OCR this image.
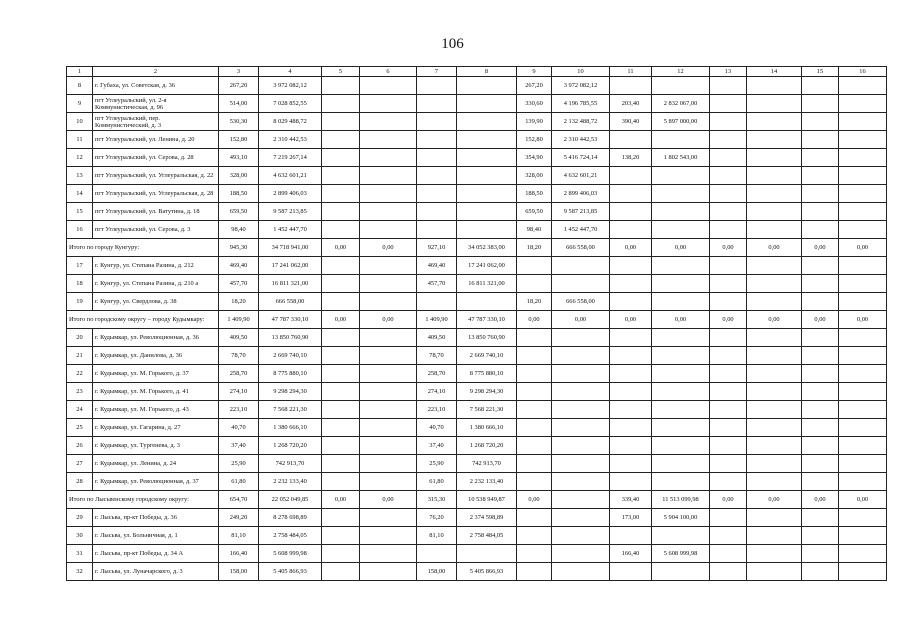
106
1	2	3	4	5	6	7	8	9	10	11	12	13	14	15	16
8	г. Губаха, ул. Советская, д. 36	267,20	3 972 082,12					267,20	3 972 082,12						
9	пгт Углеуральский, ул. 2-я Коммунистическая, д. 96	514,00	7 028 852,55					330,60	4 196 785,55	203,40	2 832 067,00				
10	пгт Углеуральский, пер. Коммунистический, д. 3	530,30	8 029 488,72					139,90	2 132 488,72	390,40	5 897 000,00				
11	пгт Углеуральский, ул. Ленина, д. 20	152,80	2 310 442,53					152,80	2 310 442,53						
12	пгт Углеуральский, ул. Серова, д. 28	493,10	7 219 267,14					354,90	5 416 724,14	138,20	1 802 543,00				
13	пгт Углеуральский, ул. Углеуральская, д. 22	328,00	4 632 601,21					328,00	4 632 601,21						
14	пгт Углеуральский, ул. Углеуральская, д. 28	188,50	2 899 406,03					188,50	2 899 406,03						
15	пгт Углеуральский, ул. Ватутина, д. 18	659,50	9 587 213,85					659,50	9 587 213,85						
16	пгт Углеуральский, ул. Серова, д. 3	98,40	1 452 447,70					98,40	1 452 447,70						
Итого по городу Кунгуру:		945,30	34 718 941,00	0,00	0,00	927,10	34 052 383,00	18,20	666 558,00	0,00	0,00	0,00	0,00	0,00	0,00
17	г. Кунгур, ул. Степана Разина, д. 212	469,40	17 241 062,00			469,40	17 241 062,00								
18	г. Кунгур, ул. Степана Разина, д. 210 а	457,70	16 811 321,00			457,70	16 811 321,00								
19	г. Кунгур, ул. Свердлова, д. 38	18,20	666 558,00					18,20	666 558,00						
Итого по городскому округу – городу Кудымкару:		1 409,90	47 787 330,10	0,00	0,00	1 409,90	47 787 330,10	0,00	0,00	0,00	0,00	0,00	0,00	0,00	0,00
20	г. Кудымкар, ул. Революционная, д. 36	409,50	13 850 760,90			409,50	13 850 760,90								
21	г. Кудымкар, ул. Данилова, д. 36	78,70	2 669 740,10			78,70	2 669 740,10								
22	г. Кудымкар, ул. М. Горького, д. 37	258,70	8 775 880,10			258,70	8 775 880,10								
23	г. Кудымкар, ул. М. Горького, д. 41	274,10	9 298 294,30			274,10	9 298 294,30								
24	г. Кудымкар, ул. М. Горького, д. 43	223,10	7 568 221,30			223,10	7 568 221,30								
25	г. Кудымкар, ул. Гагарина, д. 27	40,70	1 380 666,10			40,70	1 380 666,10								
26	г. Кудымкар, ул. Тургенева, д. 3	37,40	1 268 720,20			37,40	1 268 720,20								
27	г. Кудымкар, ул. Ленина, д. 24	25,90	742 913,70			25,90	742 913,70								
28	г. Кудымкар, ул. Революционная, д. 37	61,80	2 232 133,40			61,80	2 232 133,40								
Итого по Лысьвенскому городскому округу:		654,70	22 052 049,85	0,00	0,00	315,30	10 538 949,87	0,00		339,40	11 513 099,98	0,00	0,00	0,00	0,00
29	г. Лысьва, пр-кт Победы, д. 36	249,20	8 278 698,89			76,20	2 374 598,89			173,00	5 904 100,00				
30	г. Лысьва, ул. Больничная, д. 1	81,10	2 758 484,05			81,10	2 758 484,05								
31	г. Лысьва, пр-кт Победы, д. 34 А	166,40	5 608 999,98							166,40	5 608 999,98				
32	г. Лысьва, ул. Луначарского, д. 3	158,00	5 405 866,93			158,00	5 405 866,93								
